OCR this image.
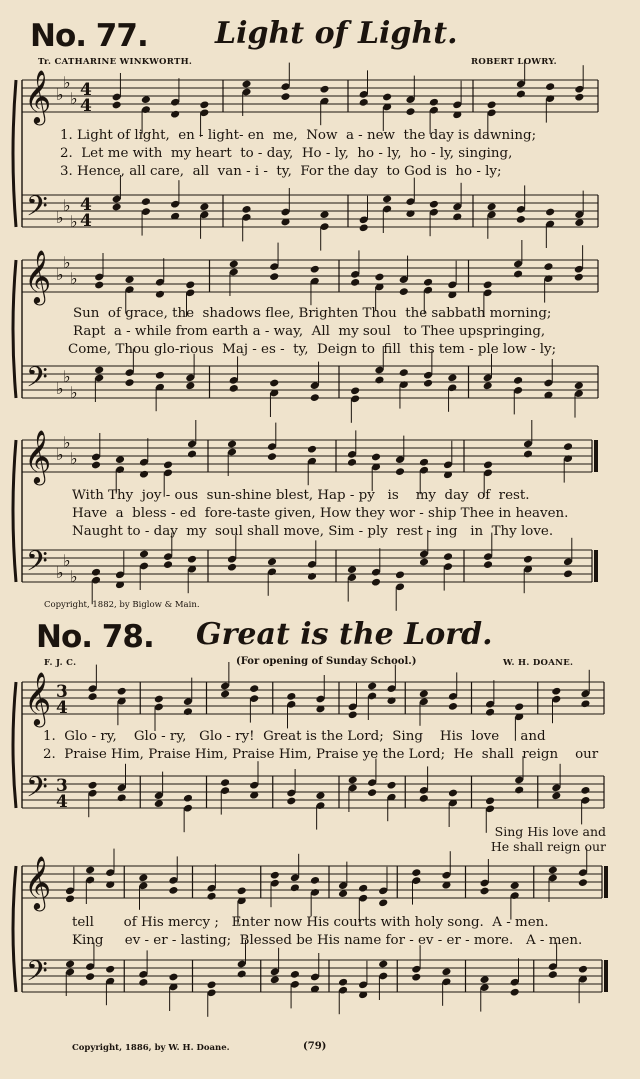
No. 77. Light of Light.
Tr. CATHARINE WINKWORTH.	ROBERT LOWRY.
𝄞
𝄢
♭
♭
♭
♭
♭
♭
4
4
4
4
𝄞
𝄢
♭
♭
♭
♭
♭
♭
𝄞
𝄢
♭
♭
♭
♭
♭
♭
𝄞
𝄢
3
4
3
4
𝄞
𝄢
1. Light of light,  en - light- en  me,  Now  a - new  the day is dawning;
2.  Let me with  my heart  to - day,  Ho - ly,  ho - ly,  ho - ly, singing,
3. Hence, all care,  all  van - i -  ty,  For the day  to God is  ho - ly;
Sun  of grace, the  shadows flee, Brighten Thou  the sabbath morning;
Rapt  a - while from earth a - way,  All  my soul   to Thee upspringing,
Come, Thou glo-rious  Maj - es -  ty,  Deign to  fill  this tem - ple low - ly;
With Thy  joy - ous  sun-shine blest, Hap - py   is    my  day  of  rest.
Have  a  bless - ed  fore-taste given, How they wor - ship Thee in heaven.
Naught to - day  my  soul shall move, Sim - ply  rest - ing   in  Thy love.
Copyright, 1882, by Biglow & Main.
No. 78. Great is the Lord.
F. J. C.	(For opening of Sunday School.)	W. H. DOANE.
1.  Glo - ry,    Glo - ry,   Glo - ry!  Great is the Lord;  Sing    His  love     and
2.  Praise Him, Praise Him, Praise Him, Praise ye the Lord;  He  shall  reign    our
Sing His love and
He shall reign our
tell       of His mercy ;   Enter now His courts with holy song.  A - men.
King     ev - er - lasting;  Blessed be His name for - ev - er - more.   A - men.
Copyright, 1886, by W. H. Doane.	(79)
